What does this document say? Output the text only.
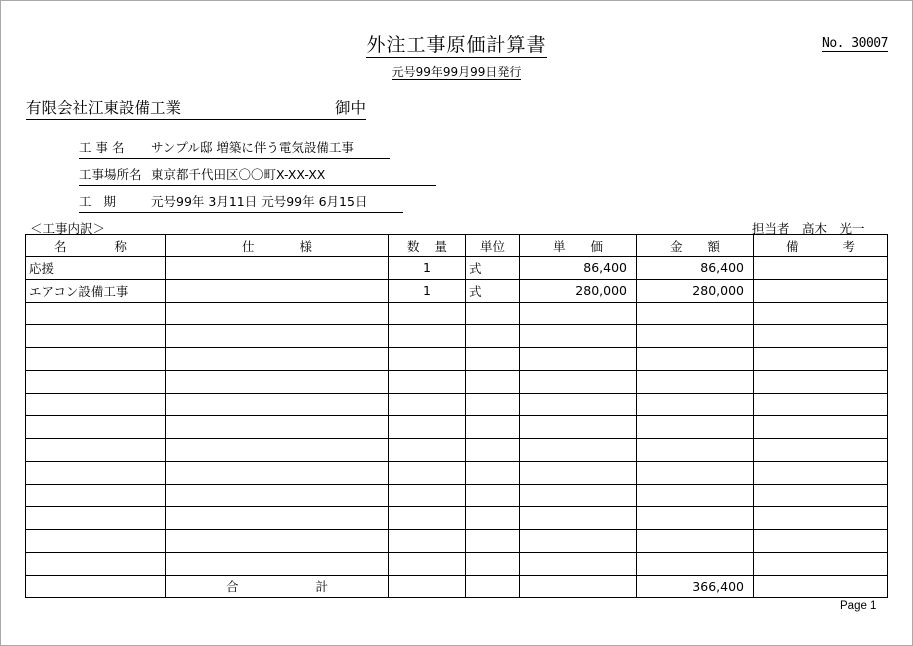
外注工事原価計算書	No. 30007
元号99年99月99日発行
有限会社江東設備工業	御中
工 事 名 サンプル邸 増築に伴う電気設備工事
工事場所名 東京都千代田区〇〇町X-XX-XX
工   期	元号99年 3月11日 元号99年 6月15日
＜工事内訳＞	担当者　高木　光一
名 称	仕 様	数 量	単位	単 価	金 額	備 考

応援		1	式	86,400	86,400	
エアコン設備工事		1	式	280,000	280,000	

	合 計				366,400	
Page 1
